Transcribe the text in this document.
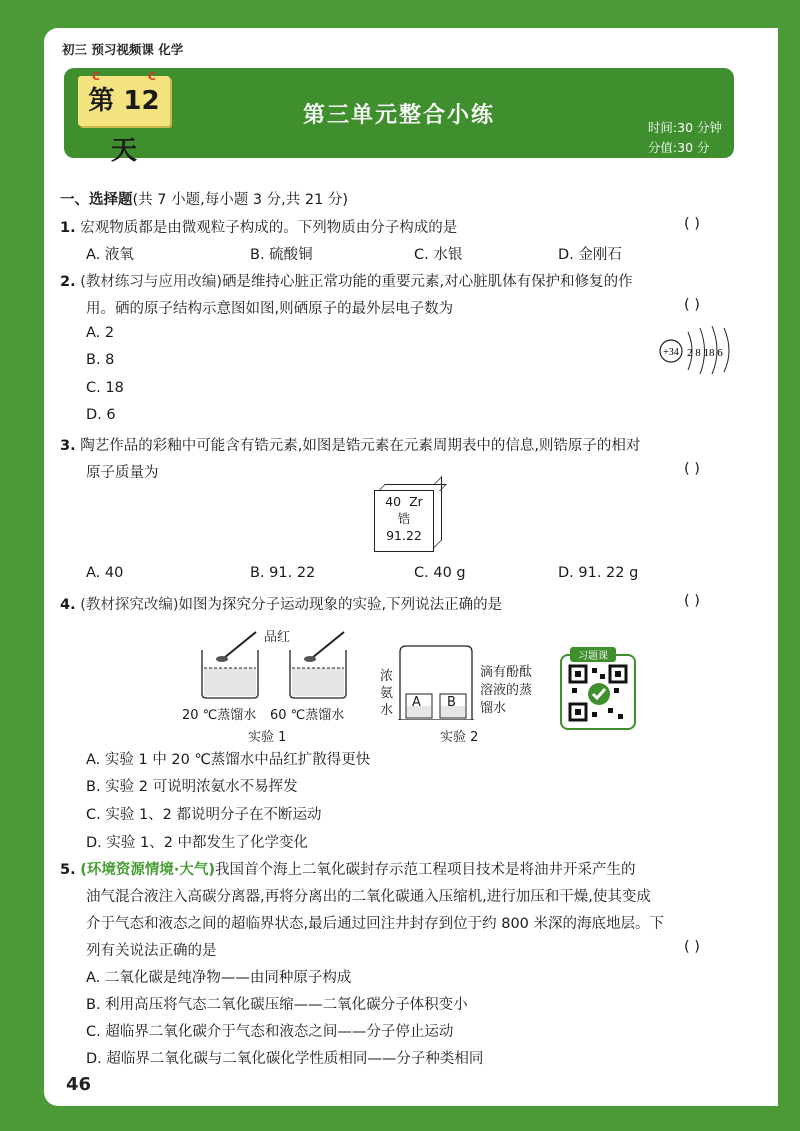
初三 预习视频课 化学
C	C
第 12 天
第三单元整合小练	时间:30 分钟
分值:30 分
一、选择题(共 7 小题,每小题 3 分,共 21 分)
1. 宏观物质都是由微观粒子构成的。下列物质由分子构成的是	( )
A. 液氧	B. 硫酸铜	C. 水银	D. 金刚石
2. (教材练习与应用改编)硒是维持心脏正常功能的重要元素,对心脏肌体有保护和修复的作
用。硒的原子结构示意图如图,则硒原子的最外层电子数为	( )
A. 2
B. 8
C. 18
D. 6
+34 2 8 18 6
3. 陶艺作品的彩釉中可能含有锆元素,如图是锆元素在元素周期表中的信息,则锆原子的相对
原子质量为	( )
40 Zr
锆
91.22
A. 40	B. 91. 22	C. 40 g	D. 91. 22 g
4. (教材探究改编)如图为探究分子运动现象的实验,下列说法正确的是	( )
品红
20 ℃蒸馏水 60 ℃蒸馏水
实验 1
A B
浓
氨
水
滴有酚酞
溶液的蒸
馏水
实验 2
习题课
A. 实验 1 中 20 ℃蒸馏水中品红扩散得更快
B. 实验 2 可说明浓氨水不易挥发
C. 实验 1、2 都说明分子在不断运动
D. 实验 1、2 中都发生了化学变化
5. (环境资源情境·大气)我国首个海上二氧化碳封存示范工程项目技术是将油井开采产生的
油气混合液注入高碳分离器,再将分离出的二氧化碳通入压缩机,进行加压和干燥,使其变成
介于气态和液态之间的超临界状态,最后通过回注井封存到位于约 800 米深的海底地层。下
列有关说法正确的是	( )
A. 二氧化碳是纯净物——由同种原子构成
B. 利用高压将气态二氧化碳压缩——二氧化碳分子体积变小
C. 超临界二氧化碳介于气态和液态之间——分子停止运动
D. 超临界二氧化碳与二氧化碳化学性质相同——分子种类相同
46
